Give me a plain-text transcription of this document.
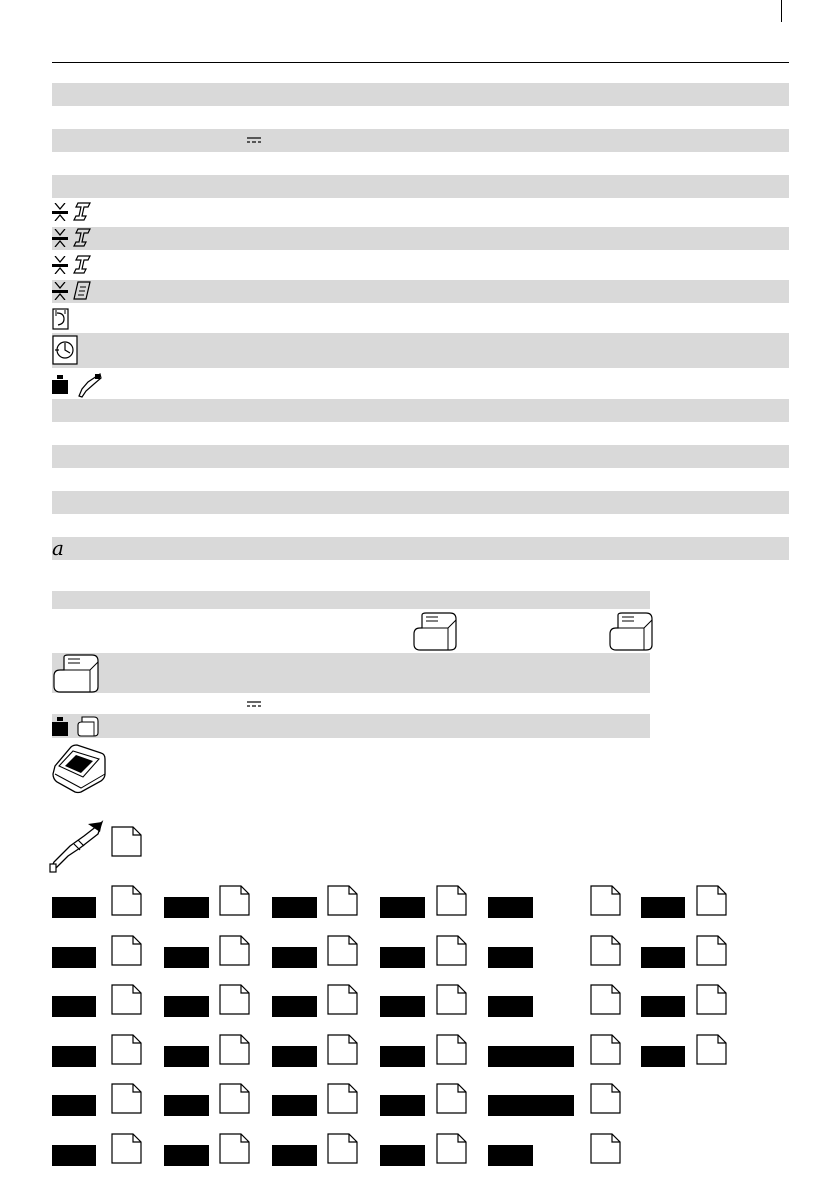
a
